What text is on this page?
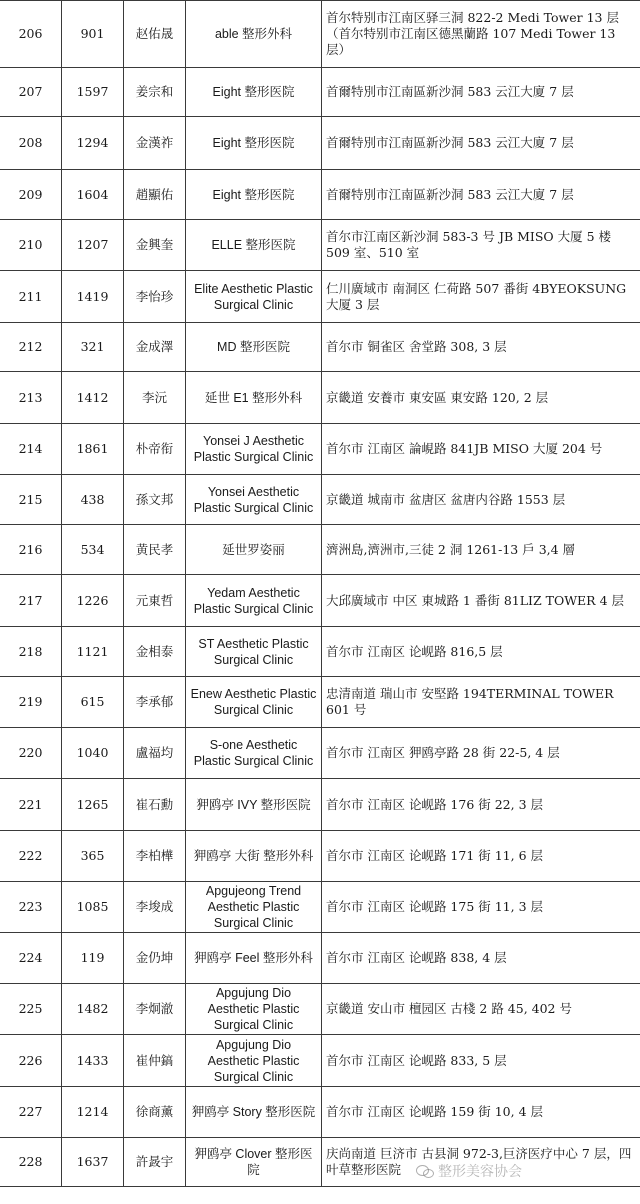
206	901	赵佑晟	able 整形外科	首尔特别市江南区驿三洞 822-2 Medi Tower 13 层（首尔特别市江南区德黑蘭路 107 Medi Tower 13 层）
207	1597	姜宗和	Eight 整形医院	首爾特別市江南區新沙洞 583 云江大廈 7 层
208	1294	金漢祚	Eight 整形医院	首爾特別市江南區新沙洞 583 云江大廈 7 层
209	1604	趙顯佑	Eight 整形医院	首爾特別市江南區新沙洞 583 云江大廈 7 层
210	1207	金興奎	ELLE 整形医院	首尔市江南区新沙洞 583-3 号 JB MISO 大厦 5 楼 509 室、510 室
211	1419	李怡珍	Elite Aesthetic Plastic Surgical Clinic	仁川廣域市 南洞区 仁荷路 507 番街 4BYEOKSUNG 大厦 3 层
212	321	金成澤	MD 整形医院	首尔市 铜雀区 舍堂路 308, 3 层
213	1412	李沅	延世 E1 整形外科	京畿道 安養市 東安區 東安路 120, 2 层
214	1861	朴帝衔	Yonsei J Aesthetic Plastic Surgical Clinic	首尔市 江南区 論峴路 841JB MISO 大厦 204 号
215	438	孫文邦	Yonsei Aesthetic Plastic Surgical Clinic	京畿道 城南市 盆唐区 盆唐内谷路 1553 层
216	534	黄民孝	延世罗姿丽	濟洲島,濟洲市,三徒 2 洞 1261-13 戶 3,4 層
217	1226	元東哲	Yedam Aesthetic Plastic Surgical Clinic	大邱廣域市 中区 東城路 1 番街 81LIZ TOWER 4 层
218	1121	金相泰	ST Aesthetic Plastic Surgical Clinic	首尔市 江南区 论岘路 816,5 层
219	615	李承郁	Enew Aesthetic Plastic Surgical Clinic	忠清南道 瑞山市 安堅路 194TERMINAL TOWER 601 号
220	1040	盧福均	S-one Aesthetic Plastic Surgical Clinic	首尔市 江南区 狎鸥亭路 28 街 22-5, 4 层
221	1265	崔石勳	狎鸥亭 IVY 整形医院	首尔市 江南区 论岘路 176 街 22, 3 层
222	365	李柏樺	狎鸥亭 大街 整形外科	首尔市 江南区 论岘路 171 街 11, 6 层
223	1085	李埈成	Apgujeong Trend Aesthetic Plastic Surgical Clinic	首尔市 江南区 论岘路 175 街 11, 3 层
224	119	金仍坤	狎鸥亭 Feel 整形外科	首尔市 江南区 论岘路 838, 4 层
225	1482	李炯澈	Apgujung Dio Aesthetic Plastic Surgical Clinic	京畿道 安山市 檀园区 古棧 2 路 45, 402 号
226	1433	崔仲鎬	Apgujung Dio Aesthetic Plastic Surgical Clinic	首尔市 江南区 论岘路 833, 5 层
227	1214	徐商薰	狎鸥亭 Story 整形医院	首尔市 江南区 论岘路 159 街 10, 4 层
228	1637	許晸宇	狎鸥亭 Clover 整形医院	庆尚南道 巨济市 古县洞 972-3,巨济医疗中心 7 层，四叶草整形医院	整形美容协会
